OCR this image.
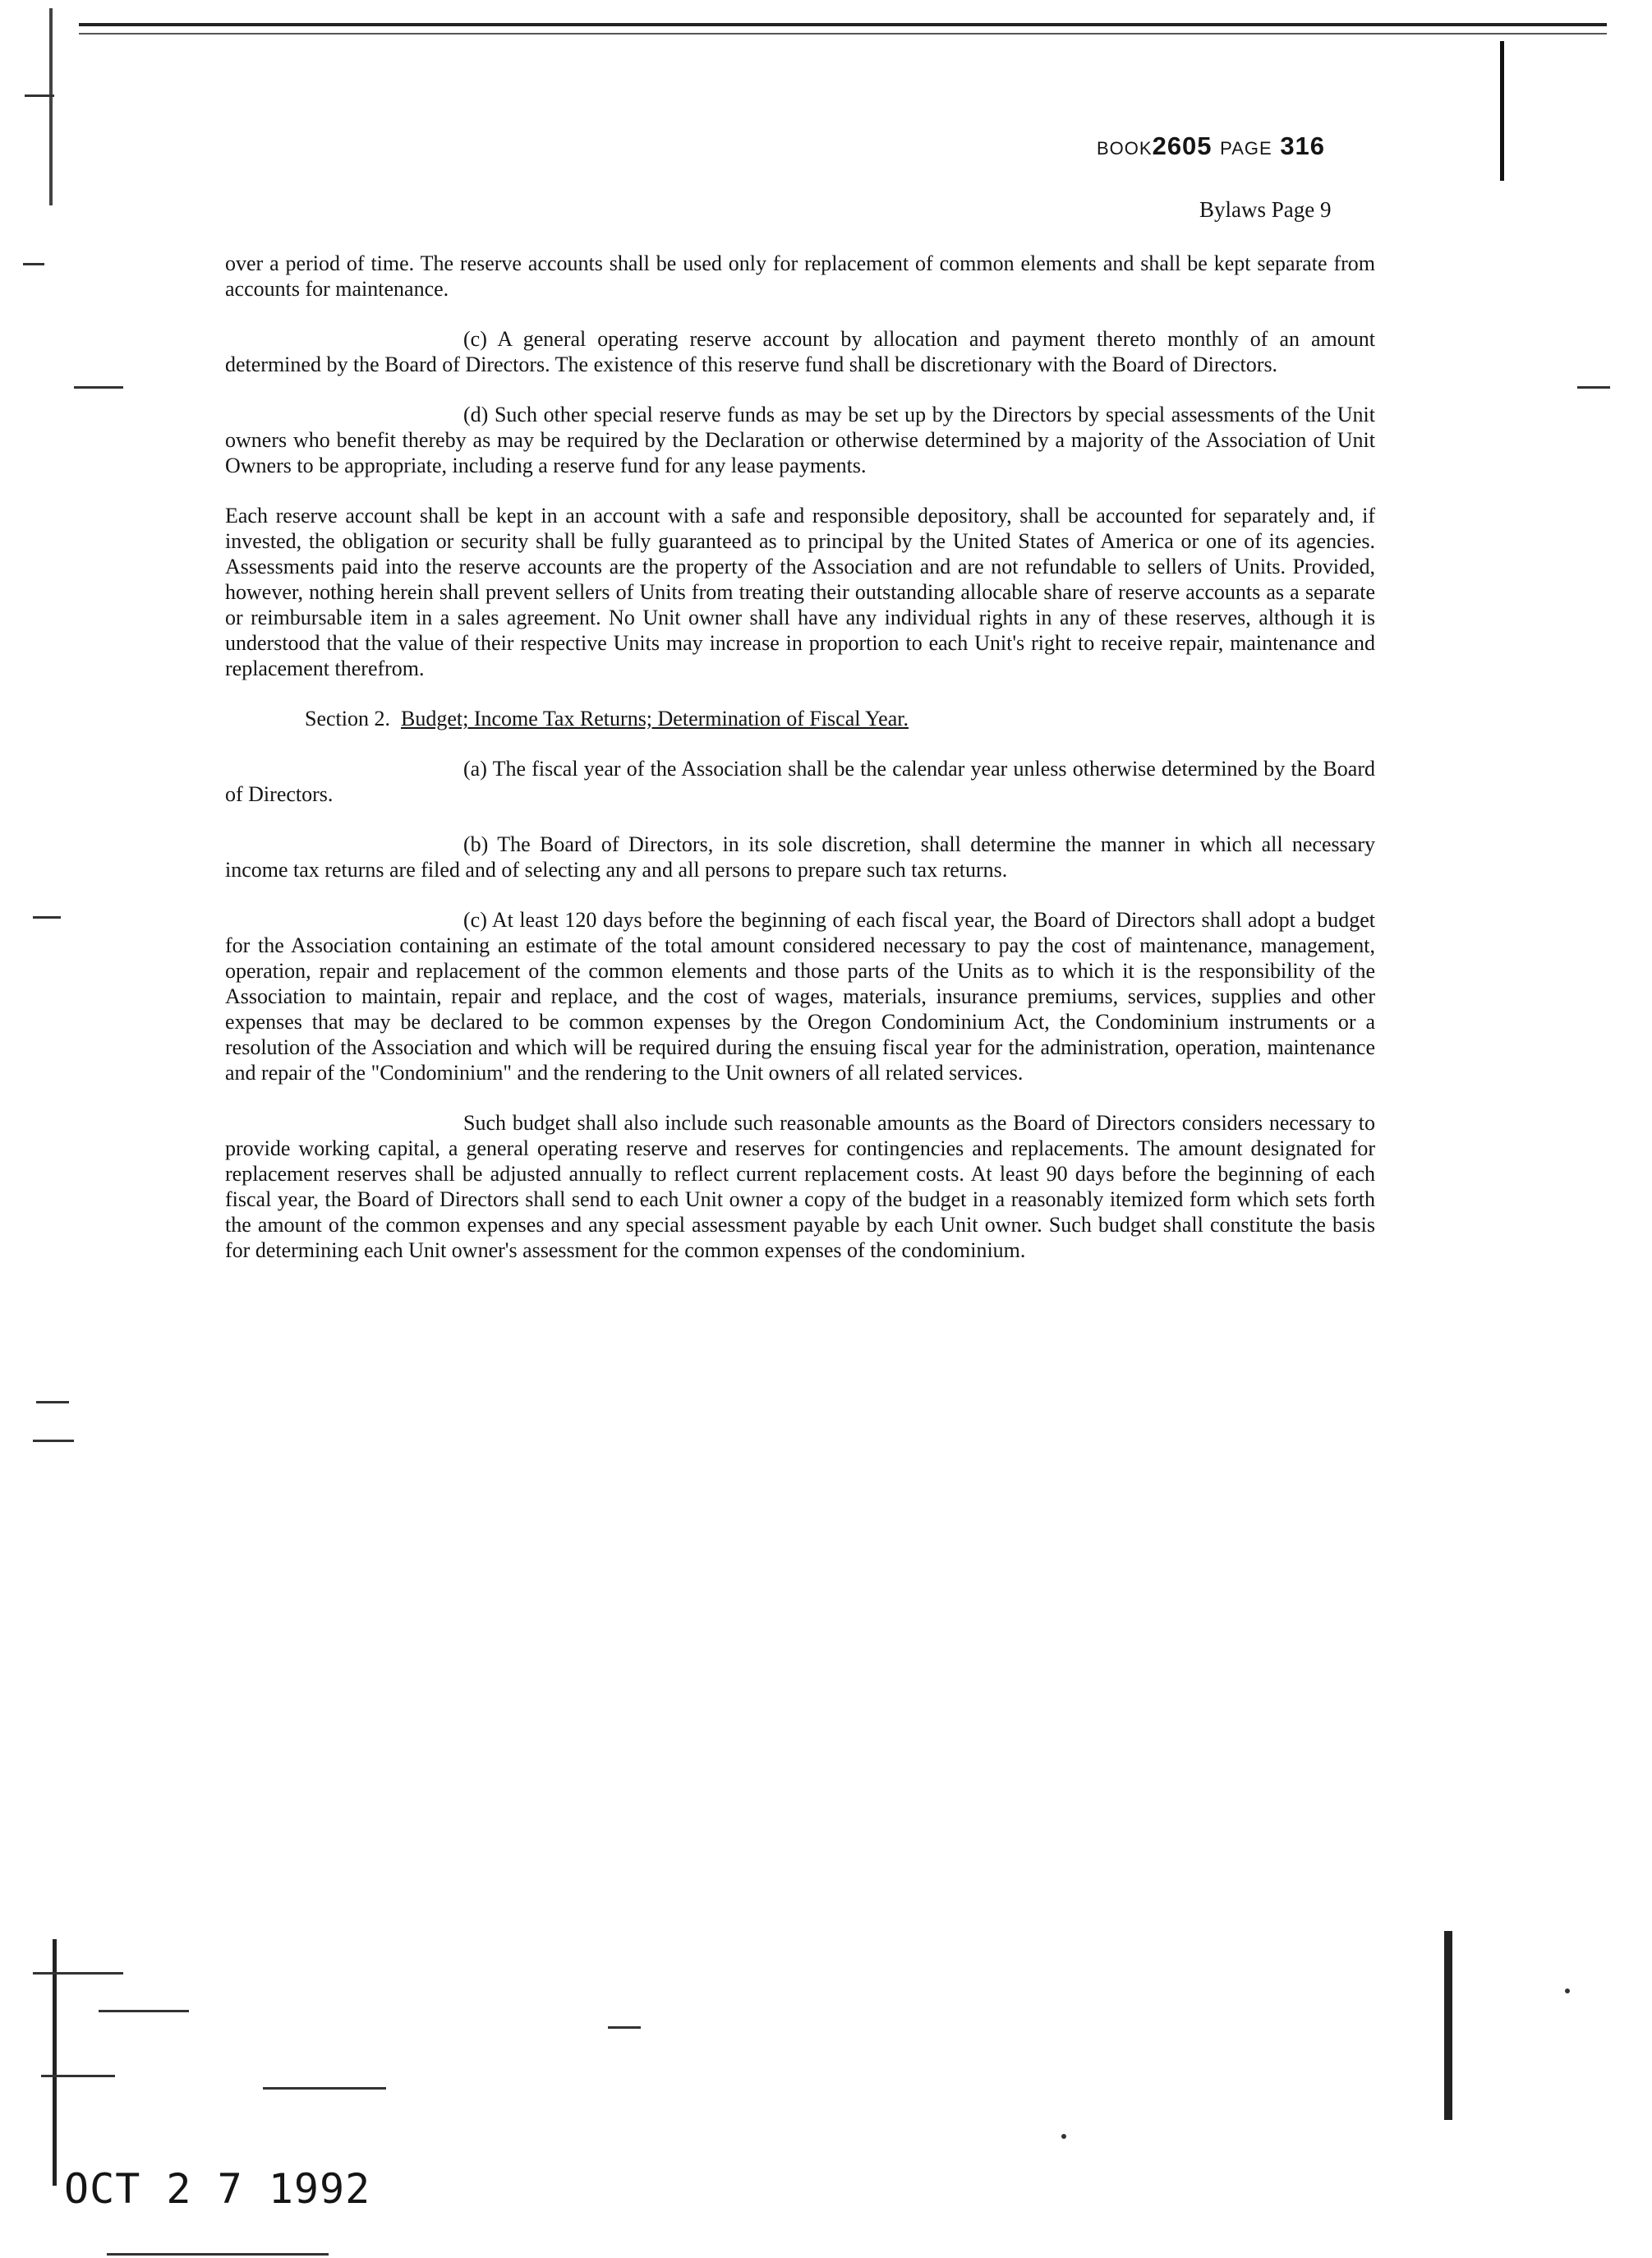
BOOK2605 PAGE 316
Bylaws Page 9

over a period of time. The reserve accounts shall be used only for replacement of common elements and shall be kept separate from accounts for maintenance.

(c) A general operating reserve account by allocation and payment thereto monthly of an amount determined by the Board of Directors. The existence of this reserve fund shall be discretionary with the Board of Directors.

(d) Such other special reserve funds as may be set up by the Directors by special assessments of the Unit owners who benefit thereby as may be required by the Declaration or otherwise determined by a majority of the Association of Unit Owners to be appropriate, including a reserve fund for any lease payments.

Each reserve account shall be kept in an account with a safe and responsible depository, shall be accounted for separately and, if invested, the obligation or security shall be fully guaranteed as to principal by the United States of America or one of its agencies. Assessments paid into the reserve accounts are the property of the Association and are not refundable to sellers of Units. Provided, however, nothing herein shall prevent sellers of Units from treating their outstanding allocable share of reserve accounts as a separate or reimbursable item in a sales agreement. No Unit owner shall have any individual rights in any of these reserves, although it is understood that the value of their respective Units may increase in proportion to each Unit's right to receive repair, maintenance and replacement therefrom.

Section 2. Budget; Income Tax Returns; Determination of Fiscal Year.

(a) The fiscal year of the Association shall be the calendar year unless otherwise determined by the Board of Directors.

(b) The Board of Directors, in its sole discretion, shall determine the manner in which all necessary income tax returns are filed and of selecting any and all persons to prepare such tax returns.

(c) At least 120 days before the beginning of each fiscal year, the Board of Directors shall adopt a budget for the Association containing an estimate of the total amount considered necessary to pay the cost of maintenance, management, operation, repair and replacement of the common elements and those parts of the Units as to which it is the responsibility of the Association to maintain, repair and replace, and the cost of wages, materials, insurance premiums, services, supplies and other expenses that may be declared to be common expenses by the Oregon Condominium Act, the Condominium instruments or a resolution of the Association and which will be required during the ensuing fiscal year for the administration, operation, maintenance and repair of the "Condominium" and the rendering to the Unit owners of all related services.

Such budget shall also include such reasonable amounts as the Board of Directors considers necessary to provide working capital, a general operating reserve and reserves for contingencies and replacements. The amount designated for replacement reserves shall be adjusted annually to reflect current replacement costs. At least 90 days before the beginning of each fiscal year, the Board of Directors shall send to each Unit owner a copy of the budget in a reasonably itemized form which sets forth the amount of the common expenses and any special assessment payable by each Unit owner. Such budget shall constitute the basis for determining each Unit owner's assessment for the common expenses of the condominium.

OCT 2 7 1992
